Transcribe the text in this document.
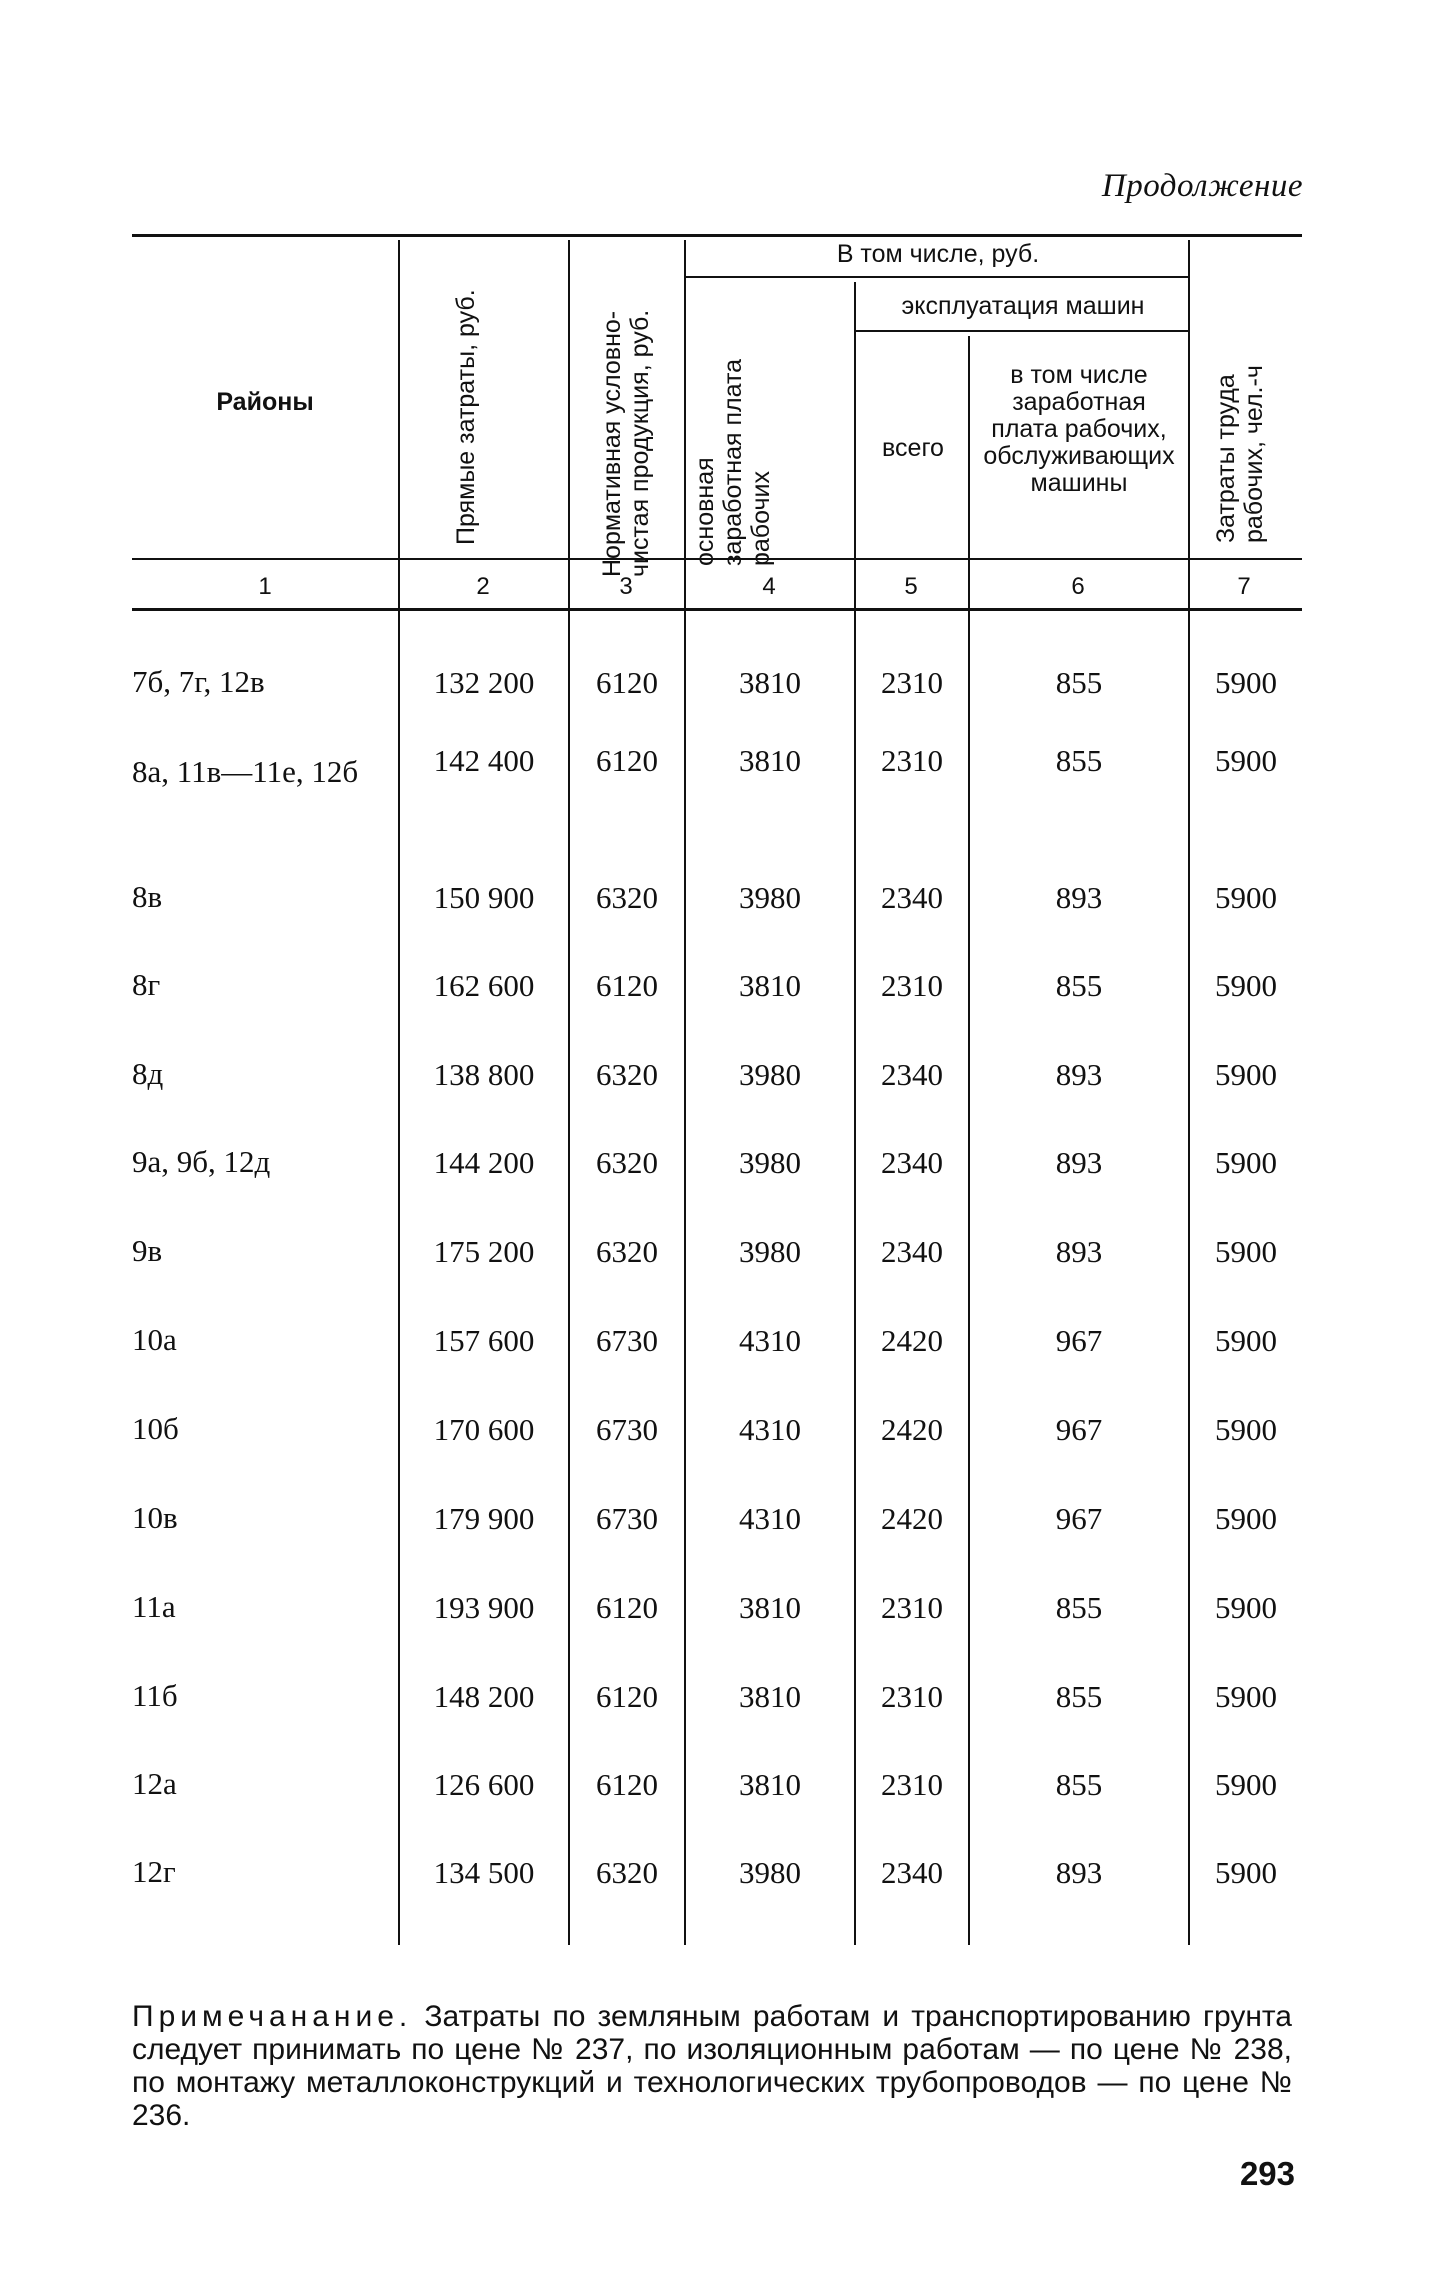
Продолжение
Районы	Прямые затраты, руб.	Нормативная условно-чистая продукция, руб.
В том числе, руб.
основная заработная плата рабочих
эксплуатация машин
всего
в том числе заработная плата рабочих, обслуживающих машины	Затраты труда рабочих, чел.-ч
1	2	3	4	5	6	7
7б, 7г, 12в	132 200	6120	3810	2310	855	5900
8а, 11в—11е, 12б	142 400	6120	3810	2310	855	5900
8в	150 900	6320	3980	2340	893	5900
8г	162 600	6120	3810	2310	855	5900
8д	138 800	6320	3980	2340	893	5900
9а, 9б, 12д	144 200	6320	3980	2340	893	5900
9в	175 200	6320	3980	2340	893	5900
10а	157 600	6730	4310	2420	967	5900
10б	170 600	6730	4310	2420	967	5900
10в	179 900	6730	4310	2420	967	5900
11а	193 900	6120	3810	2310	855	5900
11б	148 200	6120	3810	2310	855	5900
12а	126 600	6120	3810	2310	855	5900
12г	134 500	6320	3980	2340	893	5900
Примечанание. Затраты по земляным работам и транспортированию грунта следует принимать по цене № 237, по изоляционным работам — по цене № 238, по монтажу металлоконструкций и технологических трубопроводов — по цене № 236.
293
